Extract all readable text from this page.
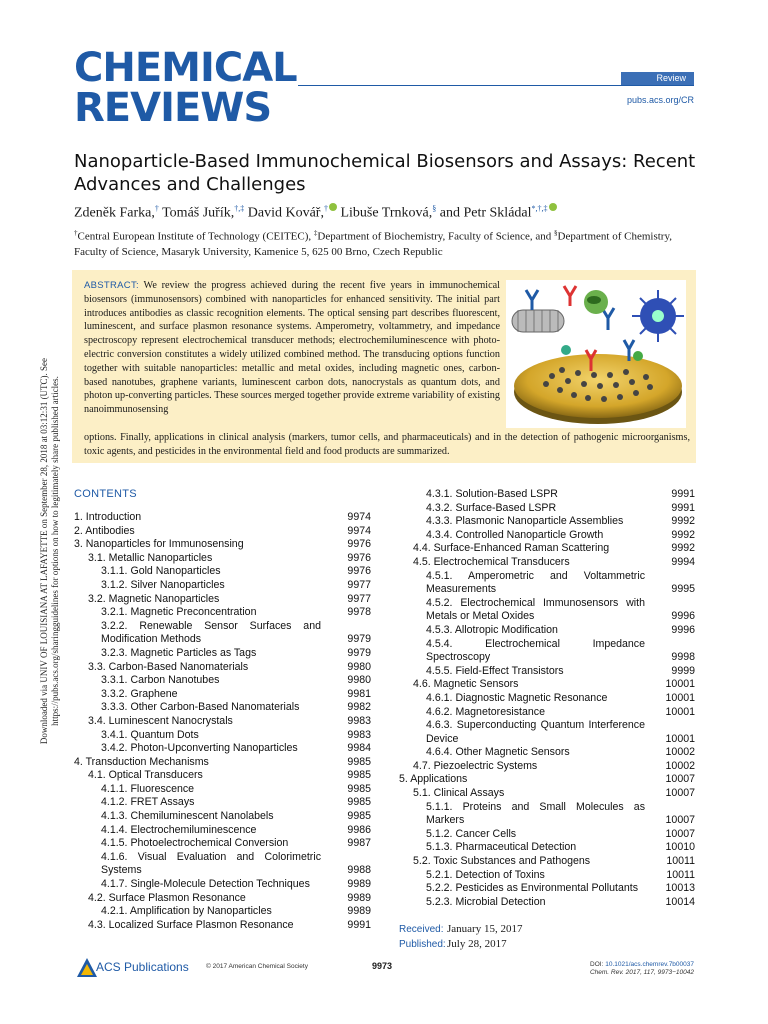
CHEMICAL
REVIEWS
Review
pubs.acs.org/CR
Nanoparticle-Based Immunochemical Biosensors and Assays: Recent Advances and Challenges
Zdeněk Farka,† Tomáš Juřík,†,‡ David Kovář,† Libuše Trnková,§ and Petr Skládal*,†,‡
†Central European Institute of Technology (CEITEC), ‡Department of Biochemistry, Faculty of Science, and §Department of Chemistry, Faculty of Science, Masaryk University, Kamenice 5, 625 00 Brno, Czech Republic
ABSTRACT: We review the progress achieved during the recent five years in immunochemical biosensors (immunosensors) combined with nanoparticles for enhanced sensitivity. The initial part introduces antibodies as classic recognition elements. The optical sensing part describes fluorescent, luminescent, and surface plasmon resonance systems. Amperometry, voltammetry, and impedance spectroscopy represent electrochemical transducer methods; electrochemiluminescence with photo-electric conversion constitutes a widely utilized combined method. The transducing options function together with suitable nanoparticles: metallic and metal oxides, including magnetic ones, carbon-based nanotubes, graphene variants, luminescent carbon dots, nanocrystals as quantum dots, and photon up-converting particles. These sources merged together provide extreme variability of existing nanoimmunosensing
options. Finally, applications in clinical analysis (markers, tumor cells, and pharmaceuticals) and in the detection of pathogenic microorganisms, toxic agents, and pesticides in the environmental field and food products are summarized.
Downloaded via UNIV OF LOUISIANA AT LAFAYETTE on September 28, 2018 at 03:12:31 (UTC). See https://pubs.acs.org/sharingguidelines for options on how to legitimately share published articles. CONTENTS
1. Introduction	9974
2. Antibodies	9974
3. Nanoparticles for Immunosensing	9976
3.1. Metallic Nanoparticles	9976
3.1.1. Gold Nanoparticles	9976
3.1.2. Silver Nanoparticles	9977
3.2. Magnetic Nanoparticles	9977
3.2.1. Magnetic Preconcentration	9978
3.2.2. Renewable Sensor Surfaces and Modification Methods	9979
3.2.3. Magnetic Particles as Tags	9979
3.3. Carbon-Based Nanomaterials	9980
3.3.1. Carbon Nanotubes	9980
3.3.2. Graphene	9981
3.3.3. Other Carbon-Based Nanomaterials	9982
3.4. Luminescent Nanocrystals	9983
3.4.1. Quantum Dots	9983
3.4.2. Photon-Upconverting Nanoparticles	9984
4. Transduction Mechanisms	9985
4.1. Optical Transducers	9985
4.1.1. Fluorescence	9985
4.1.2. FRET Assays	9985
4.1.3. Chemiluminescent Nanolabels	9985
4.1.4. Electrochemiluminescence	9986
4.1.5. Photoelectrochemical Conversion	9987
4.1.6. Visual Evaluation and Colorimetric Systems	9988
4.1.7. Single-Molecule Detection Techniques	9989
4.2. Surface Plasmon Resonance	9989
4.2.1. Amplification by Nanoparticles	9989
4.3. Localized Surface Plasmon Resonance	9991
4.3.1. Solution-Based LSPR	9991
4.3.2. Surface-Based LSPR	9991
4.3.3. Plasmonic Nanoparticle Assemblies	9992
4.3.4. Controlled Nanoparticle Growth	9992
4.4. Surface-Enhanced Raman Scattering	9992
4.5. Electrochemical Transducers	9994
4.5.1. Amperometric and Voltammetric Measurements	9995
4.5.2. Electrochemical Immunosensors with Metals or Metal Oxides	9996
4.5.3. Allotropic Modification	9996
4.5.4. Electrochemical Impedance Spectroscopy	9998
4.5.5. Field-Effect Transistors	9999
4.6. Magnetic Sensors	10001
4.6.1. Diagnostic Magnetic Resonance	10001
4.6.2. Magnetoresistance	10001
4.6.3. Superconducting Quantum Interference Device	10001
4.6.4. Other Magnetic Sensors	10002
4.7. Piezoelectric Systems	10002
5. Applications	10007
5.1. Clinical Assays	10007
5.1.1. Proteins and Small Molecules as Markers	10007
5.1.2. Cancer Cells	10007
5.1.3. Pharmaceutical Detection	10010
5.2. Toxic Substances and Pathogens	10011
5.2.1. Detection of Toxins	10011
5.2.2. Pesticides as Environmental Pollutants	10013
5.2.3. Microbial Detection	10014
Received: January 15, 2017
Published:July 28, 2017
ACS Publications	© 2017 American Chemical Society	9973	DOI: 10.1021/acs.chemrev.7b00037
Chem. Rev. 2017, 117, 9973−10042
